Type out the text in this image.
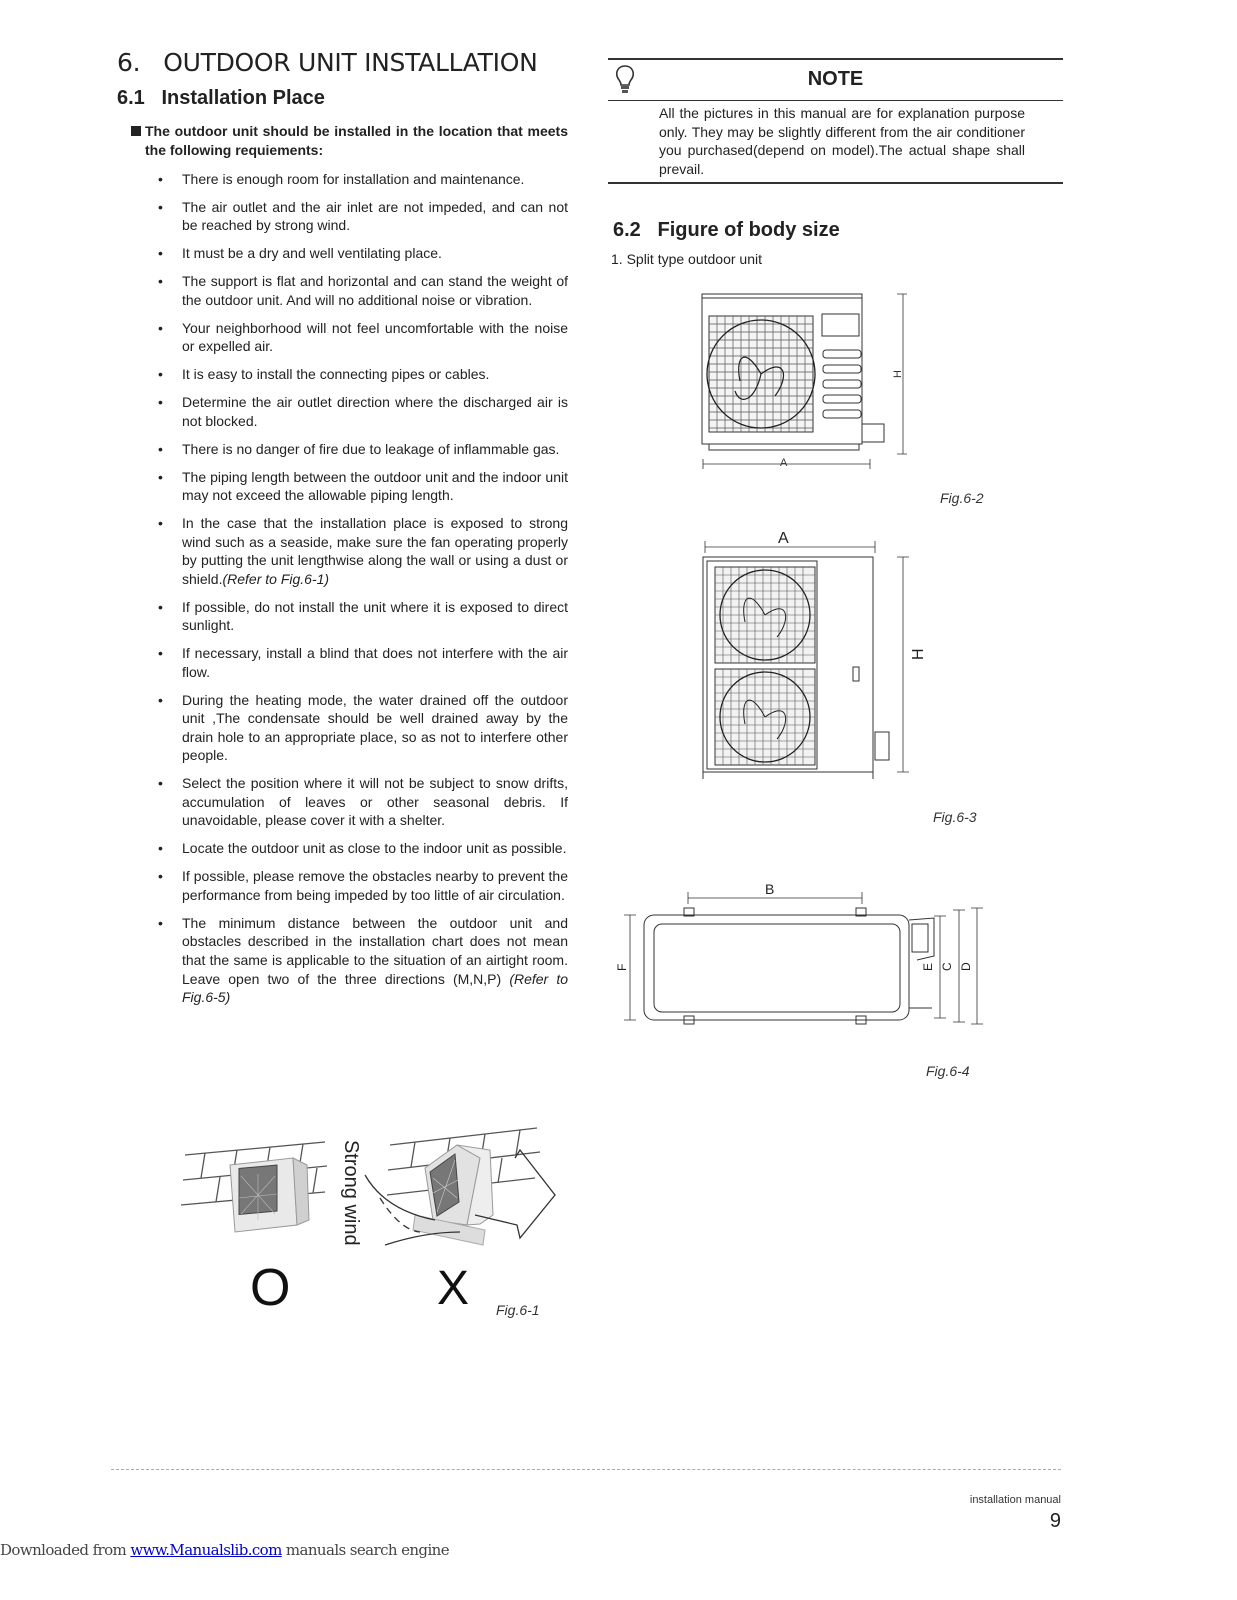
6. OUTDOOR UNIT INSTALLATION
6.1 Installation Place
The outdoor unit should be installed in the location that meets the following requiements:
• There is enough room for installation and maintenance.
• The air outlet and the air inlet are not impeded, and can not be reached by strong wind.
• It must be a dry and well ventilating place.
• The support is flat and horizontal and can stand the weight of the outdoor unit. And will no additional noise or vibration.
• Your neighborhood will not feel uncomfortable with the noise or expelled air.
• It is easy to install the connecting pipes or cables.
• Determine the air outlet direction where the discharged air is not blocked.
• There is no danger of fire due to leakage of inflammable gas.
• The piping length between the outdoor unit and the indoor unit may not exceed the allowable piping length.
• In the case that the installation place is exposed to strong wind such as a seaside, make sure the fan operating properly by putting the unit lengthwise along the wall or using a dust or shield.(Refer to Fig.6-1)
• If possible, do not install the unit where it is exposed to direct sunlight.
• If necessary, install a blind that does not interfere with the air flow.
• During the heating mode, the water drained off the outdoor unit ,The condensate should be well drained away by the drain hole to an appropriate place, so as not to interfere other people.
• Select the position where it will not be subject to snow drifts, accumulation of leaves or other seasonal debris. If unavoidable, please cover it with a shelter.
• Locate the outdoor unit as close to the indoor unit as possible.
• If possible, please remove the obstacles nearby to prevent the performance from being impeded by too little of air circulation.
• The minimum distance between the outdoor unit and obstacles described in the installation chart does not mean that the same is applicable to the situation of an airtight room. Leave open two of the three directions (M,N,P) (Refer to Fig.6-5)
Strong wind
O	X Fig.6-1
NOTE
All the pictures in this manual are for explanation purpose only. They may be slightly different from the air conditioner you purchased(depend on model).The actual shape shall prevail.
6.2 Figure of body size
1. Split type outdoor unit
H
A
Fig.6-2
A
H
Fig.6-3
B
F	E C D
Fig.6-4
installation manual
9
Downloaded from www.Manualslib.com manuals search engine
